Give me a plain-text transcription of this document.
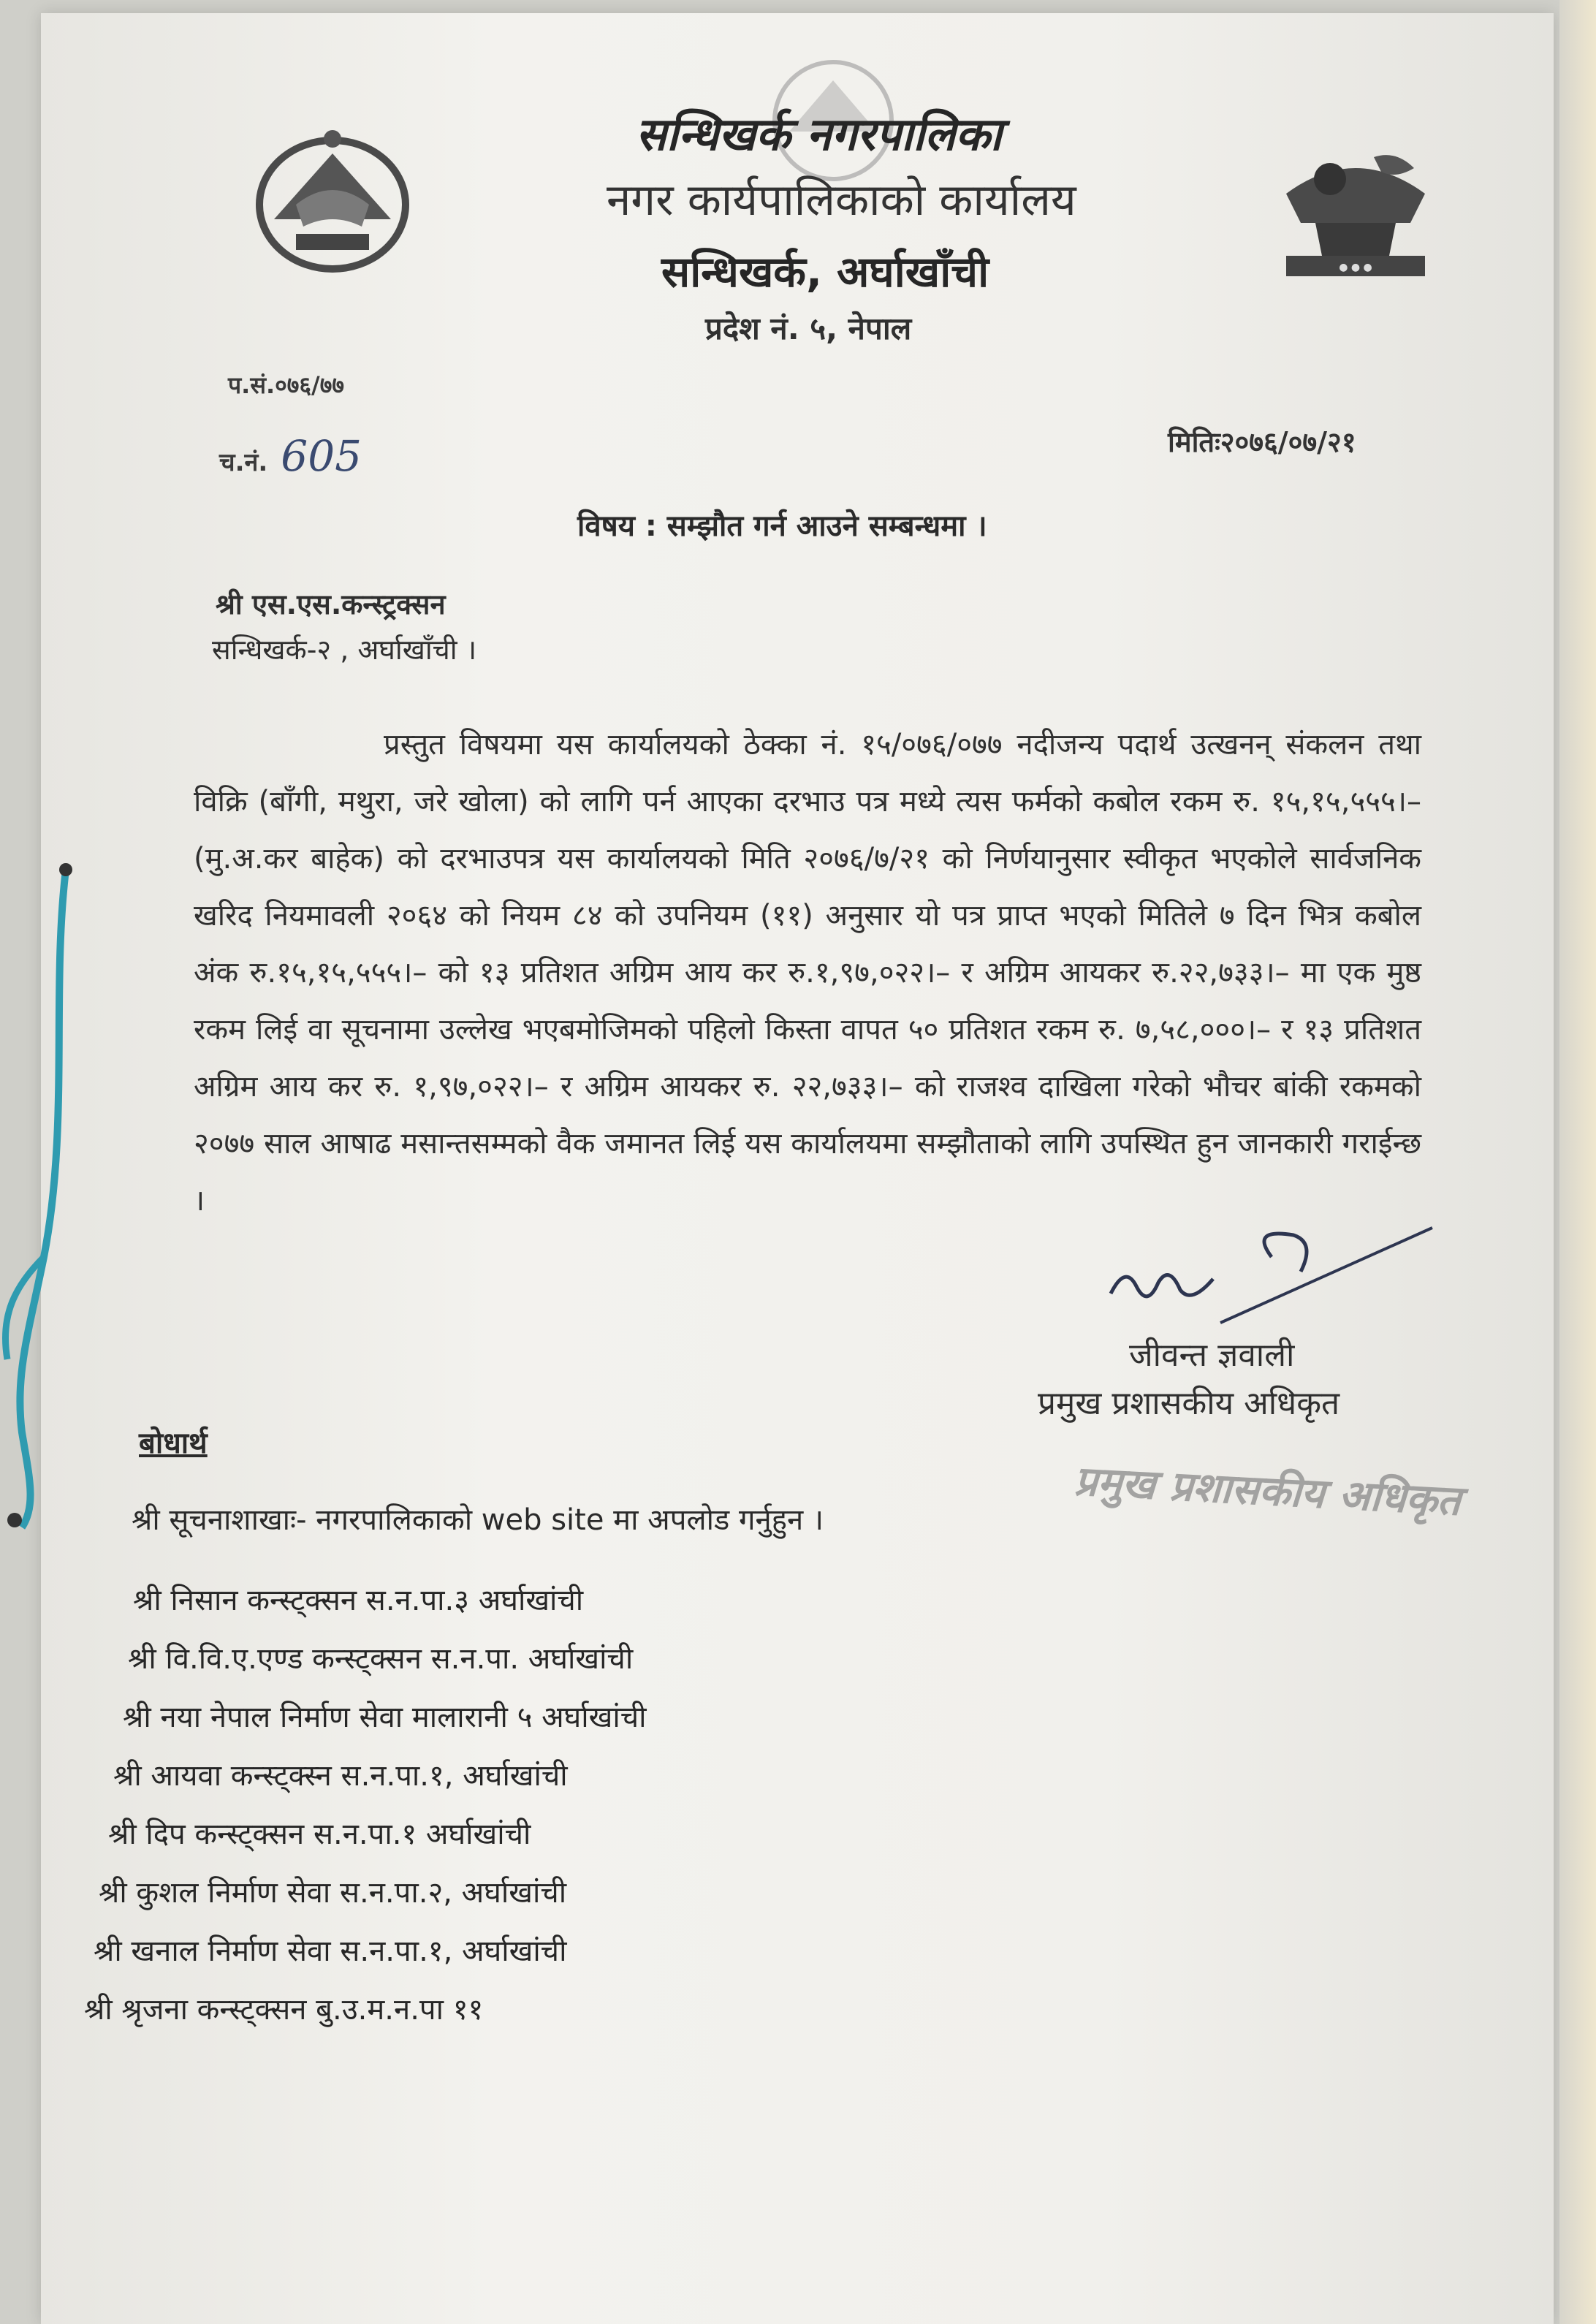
● ● ●
सन्धिखर्क नगरपालिका
नगर कार्यपालिकाको कार्यालय
सन्धिखर्क, अर्घाखाँची
प्रदेश नं. ५, नेपाल
प.सं.०७६/७७
च.नं. 605	मितिः२०७६/०७/२१
विषय : सम्झौत गर्न आउने सम्बन्धमा ।
श्री एस.एस.कन्स्ट्रक्सन
सन्धिखर्क-२ , अर्घाखाँची ।

प्रस्तुत विषयमा यस कार्यालयको ठेक्का नं. १५/०७६/०७७ नदीजन्य पदार्थ उत्खनन् संकलन तथा विक्रि (बाँगी, मथुरा, जरे खोला) को लागि पर्न आएका दरभाउ पत्र मध्ये त्यस फर्मको कबोल रकम रु. १५,१५,५५५।– (मु.अ.कर बाहेक) को दरभाउपत्र यस कार्यालयको मिति २०७६/७/२१ को निर्णयानुसार स्वीकृत भएकोले सार्वजनिक खरिद नियमावली २०६४ को नियम ८४ को उपनियम (११) अनुसार यो पत्र प्राप्त भएको मितिले ७ दिन भित्र कबोल अंक रु.१५,१५,५५५।– को १३ प्रतिशत अग्रिम आय कर रु.१,९७,०२२।– र अग्रिम आयकर रु.२२,७३३।– मा एक मुष्ठ रकम लिई वा सूचनामा उल्लेख भएबमोजिमको पहिलो किस्ता वापत ५० प्रतिशत रकम रु. ७,५८,०००।– र १३ प्रतिशत अग्रिम आय कर रु. १,९७,०२२।– र अग्रिम आयकर रु. २२,७३३।– को राजश्व दाखिला गरेको भौचर बांकी रकमको २०७७ साल आषाढ मसान्तसम्मको वैक जमानत लिई यस कार्यालयमा सम्झौताको लागि उपस्थित हुन जानकारी गराईन्छ ।

जीवन्त ज्ञवाली
प्रमुख प्रशासकीय अधिकृत
प्रमुख प्रशासकीय अधिकृत
बोधार्थ
श्री सूचनाशाखाः- नगरपालिकाको web site मा अपलोड गर्नुहुन ।
श्री निसान कन्स्ट्क्सन स.न.पा.३ अर्घाखांची
श्री वि.वि.ए.एण्ड कन्स्ट्क्सन स.न.पा. अर्घाखांची
श्री नया नेपाल निर्माण सेवा मालारानी ५ अर्घाखांची
श्री आयवा कन्स्ट्क्स्न स.न.पा.१, अर्घाखांची
श्री दिप कन्स्ट्क्सन स.न.पा.१ अर्घाखांची
श्री कुशल निर्माण सेवा स.न.पा.२, अर्घाखांची
श्री खनाल निर्माण सेवा स.न.पा.१, अर्घाखांची
श्री श्रृजना कन्स्ट्क्सन बु.उ.म.न.पा ११
